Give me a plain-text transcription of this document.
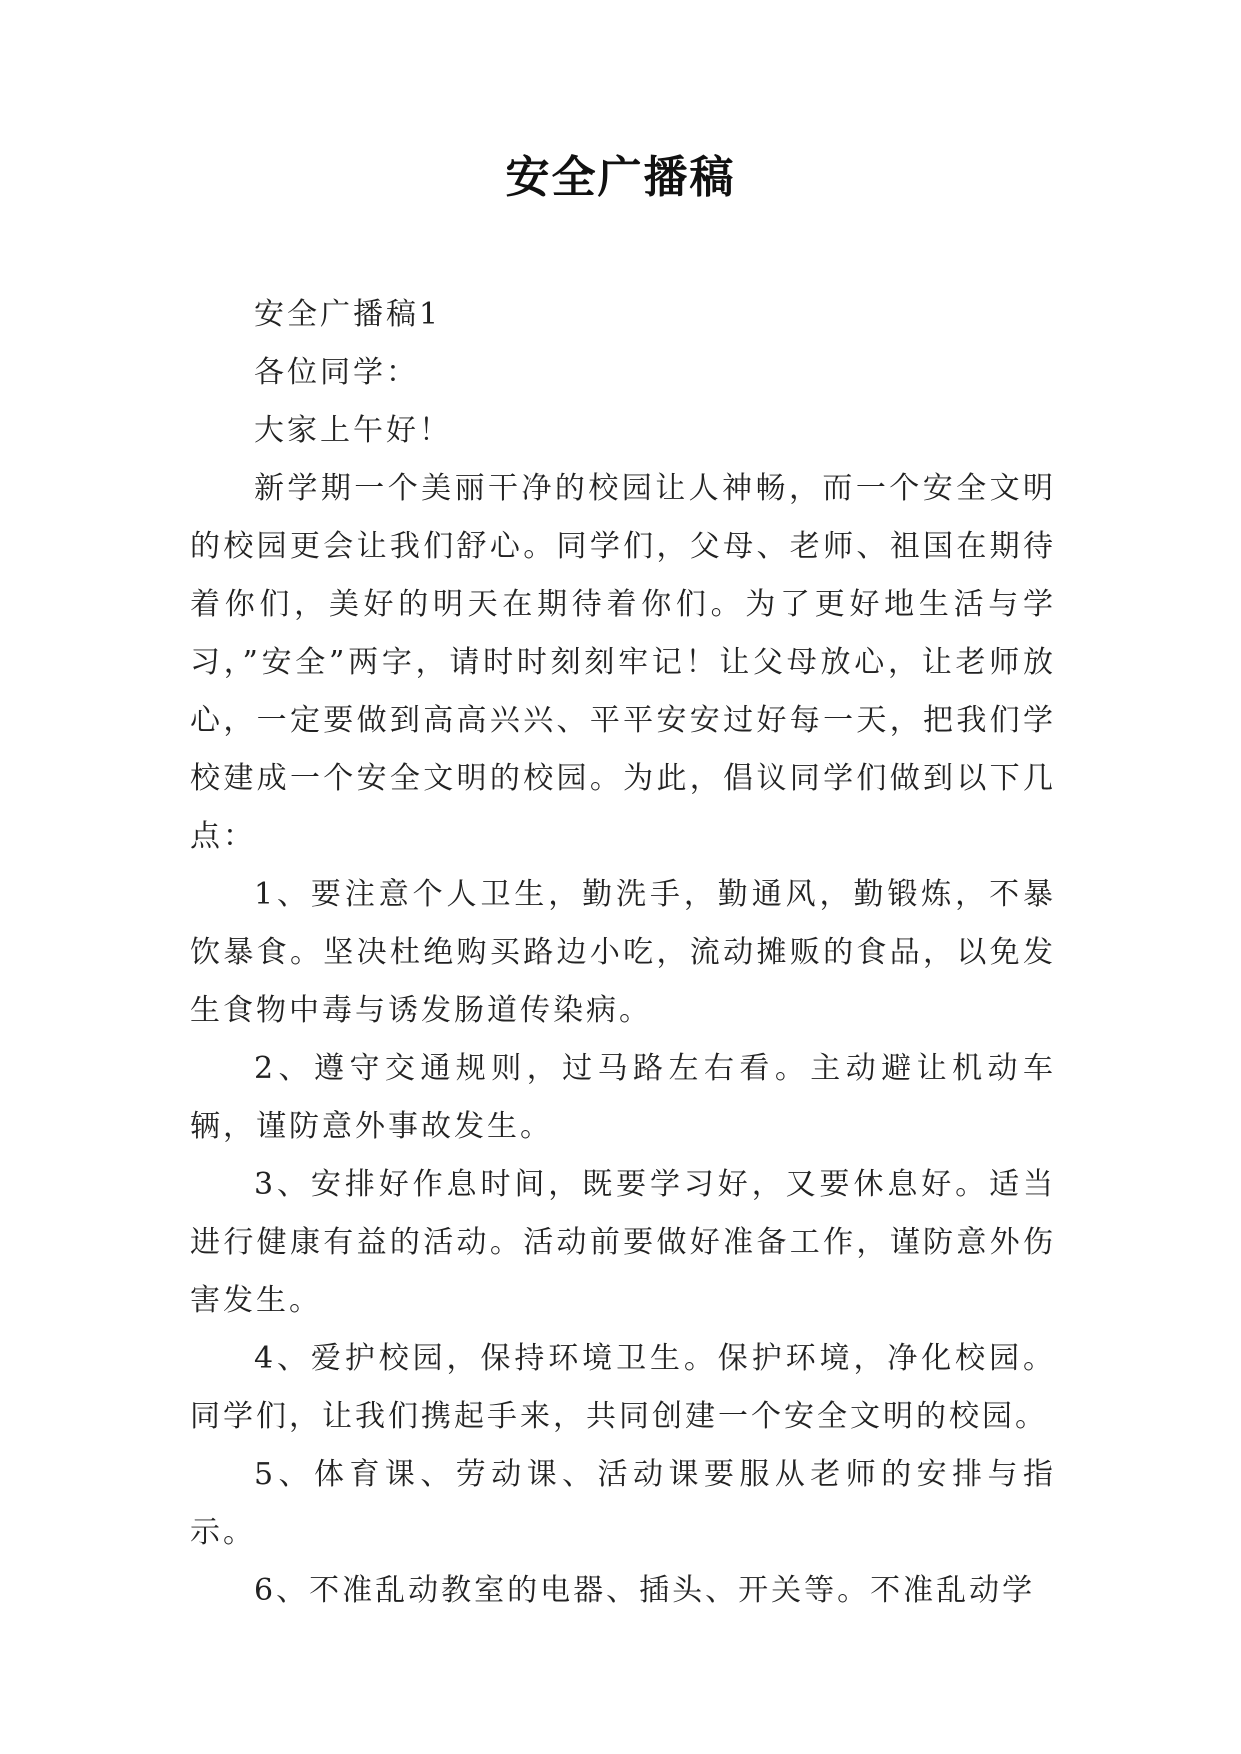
安全广播稿

安全广播稿1

各位同学：

大家上午好！

新学期一个美丽干净的校园让人神畅，而一个安全文明的校园更会让我们舒心。同学们，父母、老师、祖国在期待着你们，美好的明天在期待着你们。为了更好地生活与学习，”安全”两字，请时时刻刻牢记！让父母放心，让老师放心，一定要做到高高兴兴、平平安安过好每一天，把我们学校建成一个安全文明的校园。为此，倡议同学们做到以下几点：

1、要注意个人卫生，勤洗手，勤通风，勤锻炼，不暴饮暴食。坚决杜绝购买路边小吃，流动摊贩的食品，以免发生食物中毒与诱发肠道传染病。

2、遵守交通规则，过马路左右看。主动避让机动车辆，谨防意外事故发生。

3、安排好作息时间，既要学习好，又要休息好。适当进行健康有益的活动。活动前要做好准备工作，谨防意外伤害发生。

4、爱护校园，保持环境卫生。保护环境，净化校园。同学们，让我们携起手来，共同创建一个安全文明的校园。

5、体育课、劳动课、活动课要服从老师的安排与指示。

6、不准乱动教室的电器、插头、开关等。不准乱动学
